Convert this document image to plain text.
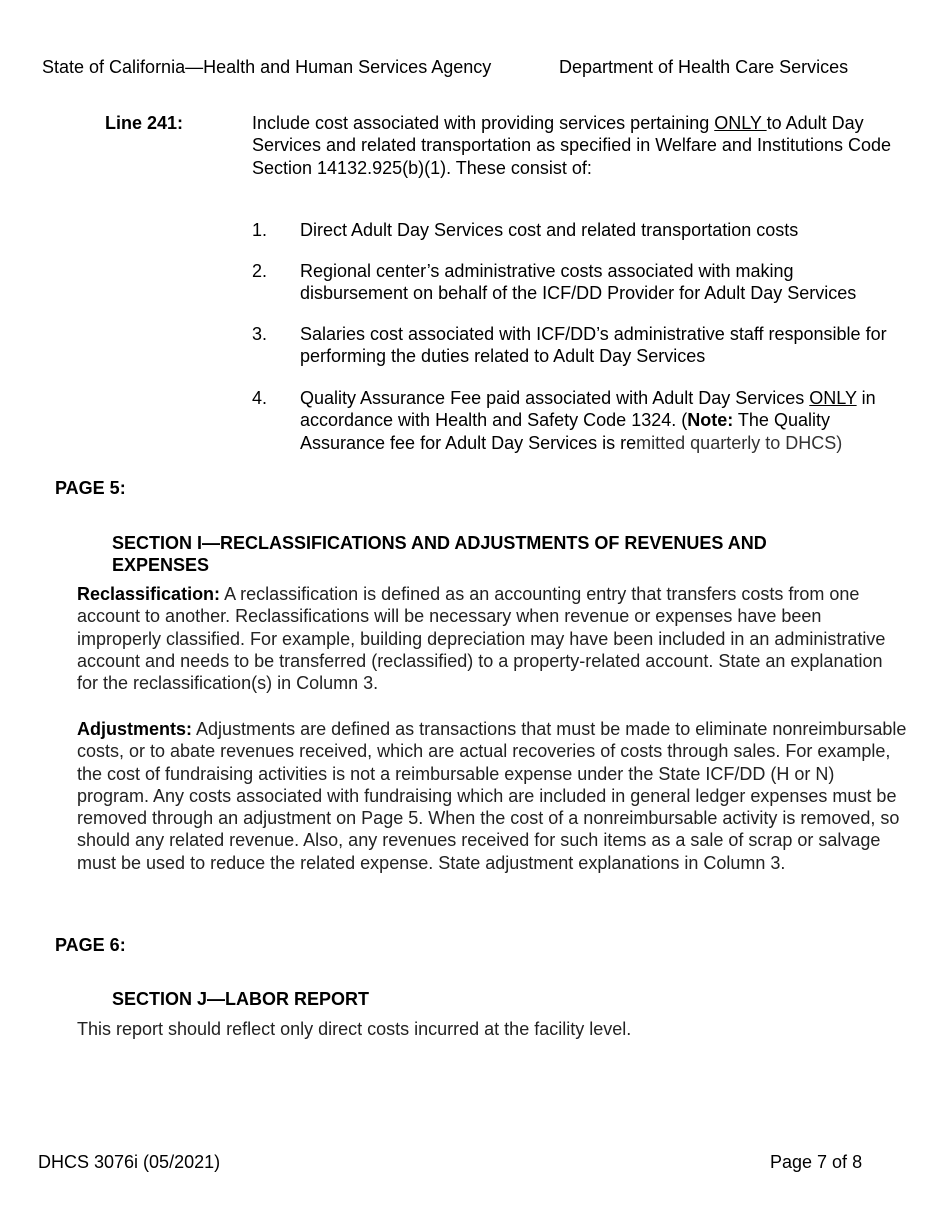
State of California—Health and Human Services Agency	Department of Health Care Services
Line 241:	Include cost associated with providing services pertaining ONLY to Adult Day Services and related transportation as specified in Welfare and Institutions Code Section 14132.925(b)(1). These consist of:
1. Direct Adult Day Services cost and related transportation costs
2. Regional center’s administrative costs associated with making disbursement on behalf of the ICF/DD Provider for Adult Day Services
3. Salaries cost associated with ICF/DD’s administrative staff responsible for performing the duties related to Adult Day Services
4. Quality Assurance Fee paid associated with Adult Day Services ONLY in accordance with Health and Safety Code 1324. (Note: The Quality Assurance fee for Adult Day Services is remitted quarterly to DHCS)
PAGE 5:
SECTION I—RECLASSIFICATIONS AND ADJUSTMENTS OF REVENUES AND EXPENSES
Reclassification: A reclassification is defined as an accounting entry that transfers costs from one account to another. Reclassifications will be necessary when revenue or expenses have been improperly classified. For example, building depreciation may have been included in an administrative account and needs to be transferred (reclassified) to a property-related account. State an explanation for the reclassification(s) in Column 3.
Adjustments: Adjustments are defined as transactions that must be made to eliminate nonreimbursable costs, or to abate revenues received, which are actual recoveries of costs through sales. For example, the cost of fundraising activities is not a reimbursable expense under the State ICF/DD (H or N) program. Any costs associated with fundraising which are included in general ledger expenses must be removed through an adjustment on Page 5. When the cost of a nonreimbursable activity is removed, so should any related revenue. Also, any revenues received for such items as a sale of scrap or salvage must be used to reduce the related expense. State adjustment explanations in Column 3.
PAGE 6:
SECTION J—LABOR REPORT
This report should reflect only direct costs incurred at the facility level.
DHCS 3076i (05/2021)	Page 7 of 8
